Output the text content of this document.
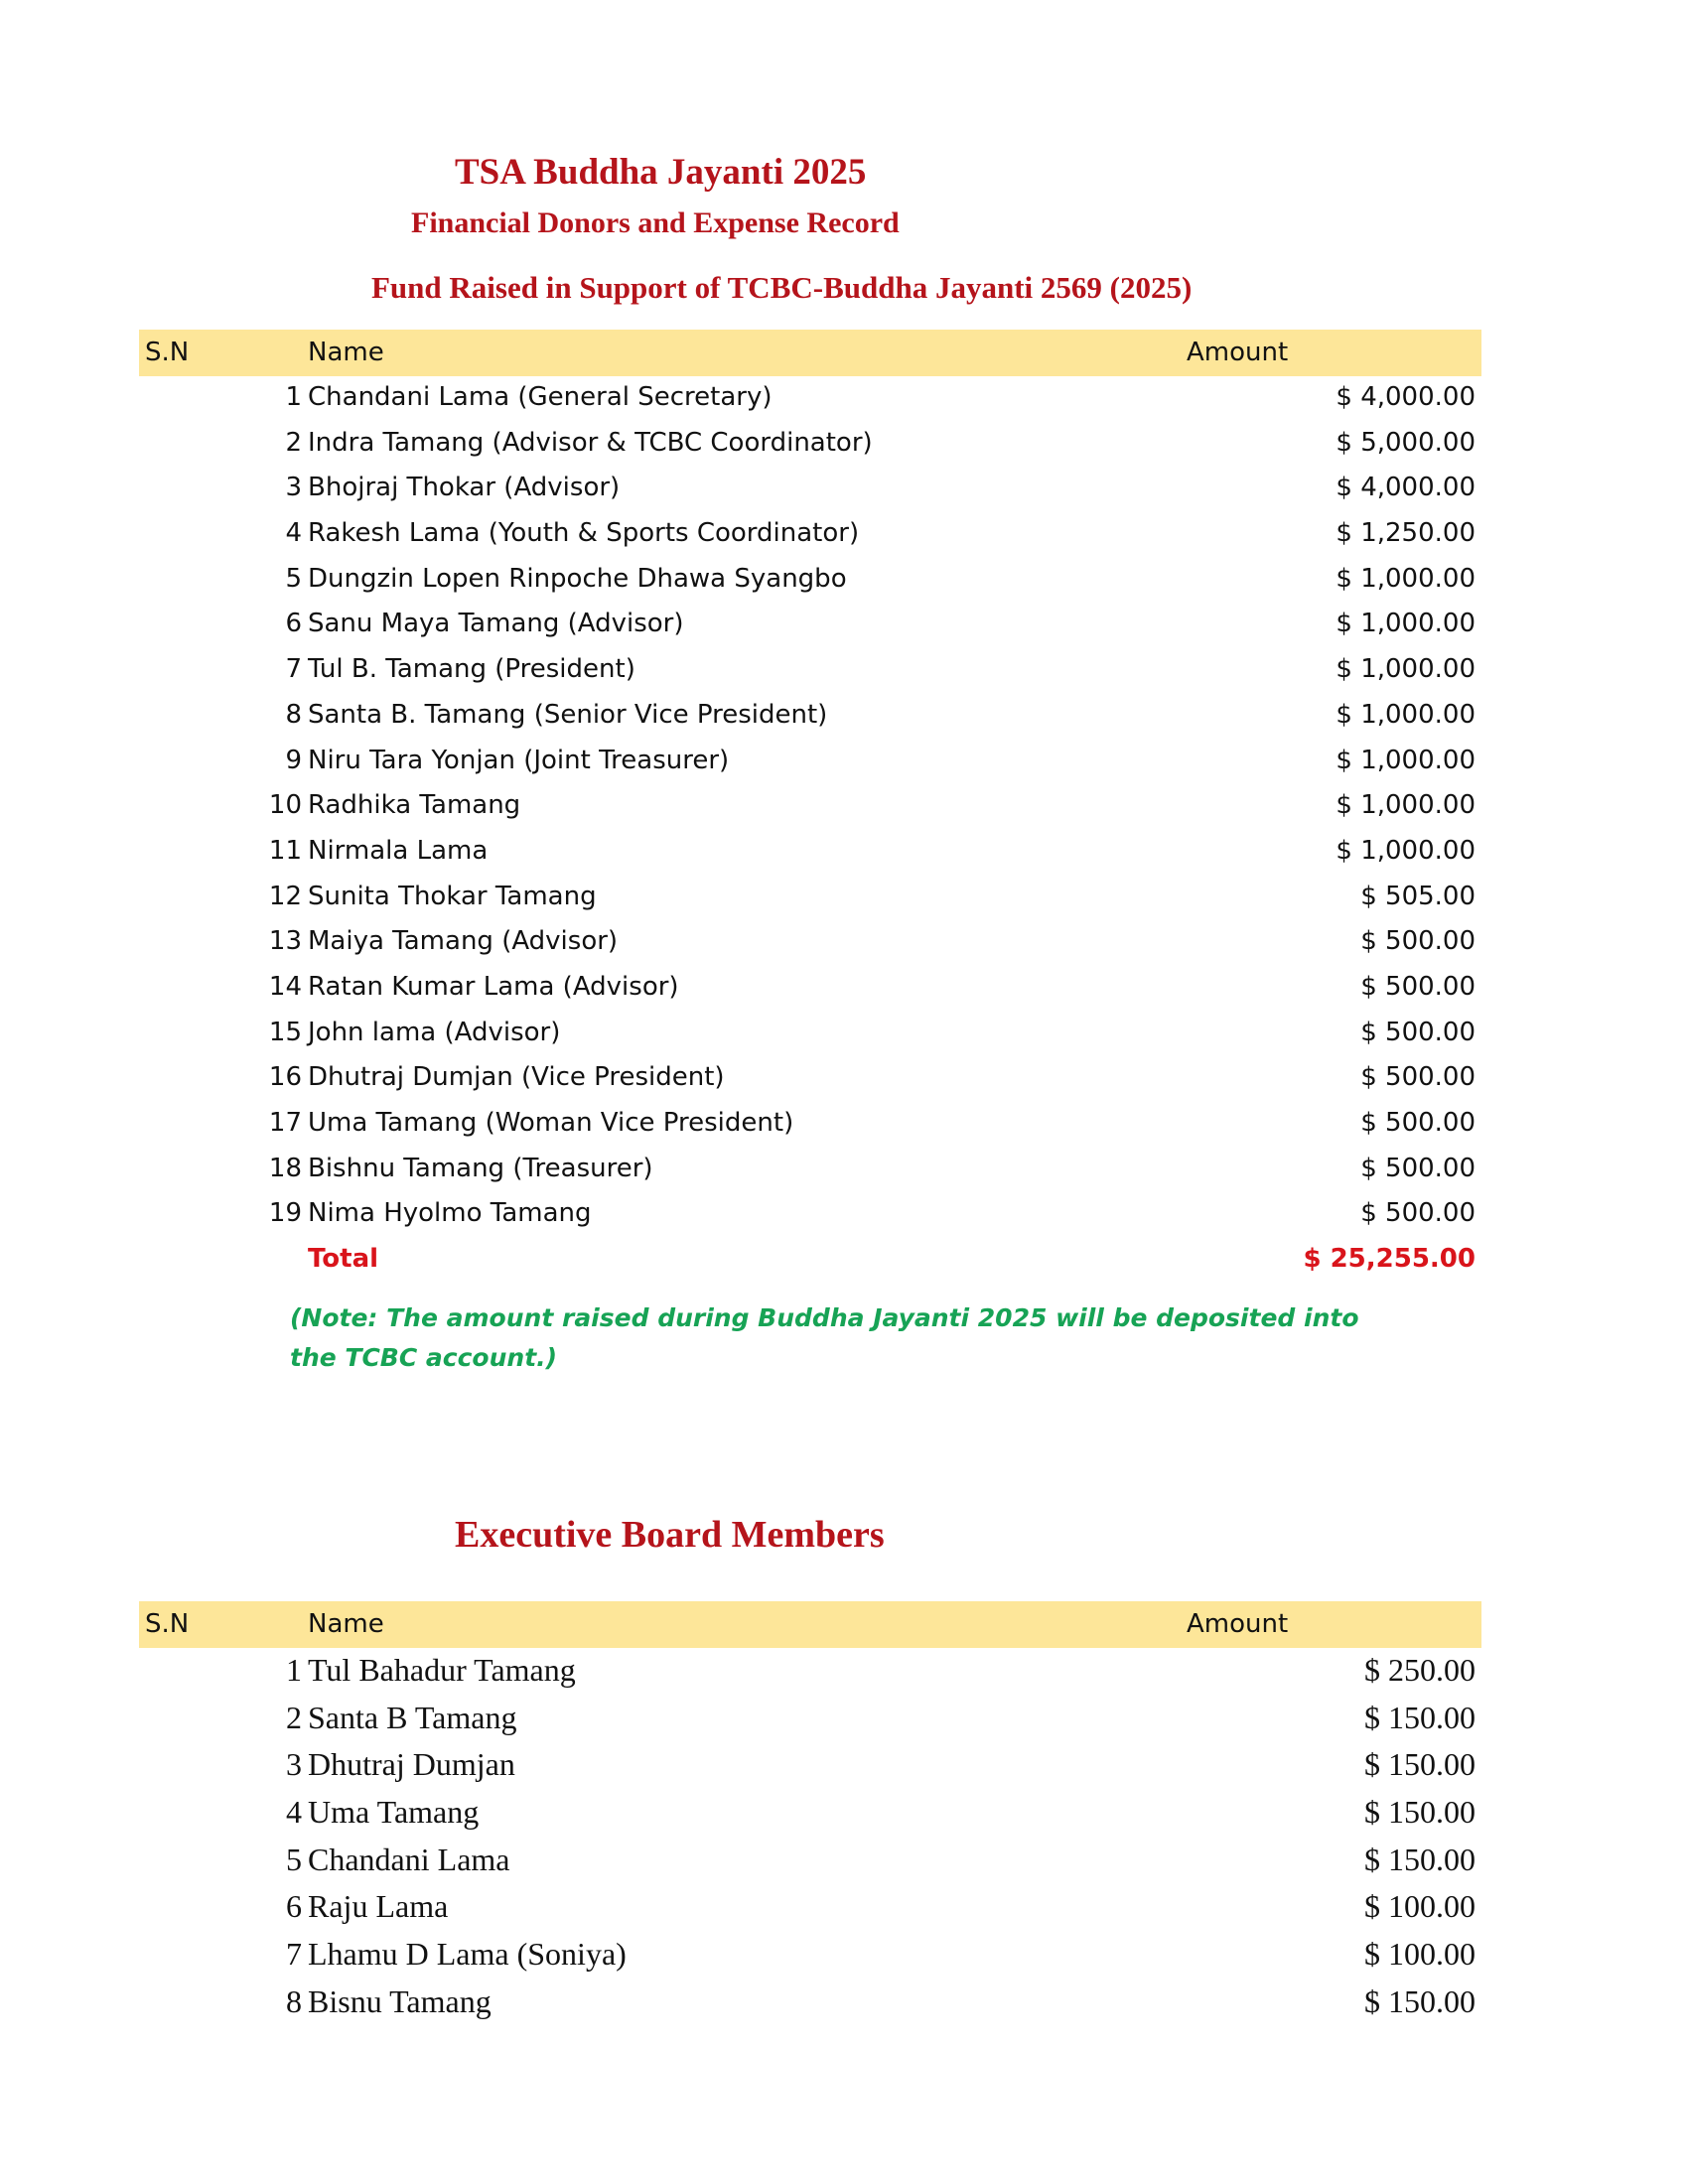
TSA Buddha Jayanti 2025
Financial Donors and Expense Record
Fund Raised in Support of TCBC-Buddha Jayanti 2569 (2025)
S.N	Name	Amount
1 Chandani Lama (General Secretary)	$ 4,000.00
2 Indra Tamang (Advisor & TCBC Coordinator)	$ 5,000.00
3 Bhojraj Thokar (Advisor)	$ 4,000.00
4 Rakesh Lama (Youth & Sports Coordinator)	$ 1,250.00
5 Dungzin Lopen Rinpoche Dhawa Syangbo	$ 1,000.00
6 Sanu Maya Tamang (Advisor)	$ 1,000.00
7 Tul B. Tamang (President)	$ 1,000.00
8 Santa B. Tamang (Senior Vice President)	$ 1,000.00
9 Niru Tara Yonjan (Joint Treasurer)	$ 1,000.00
10 Radhika Tamang	$ 1,000.00
11 Nirmala Lama	$ 1,000.00
12 Sunita Thokar Tamang	$ 505.00
13 Maiya Tamang (Advisor)	$ 500.00
14 Ratan Kumar Lama (Advisor)	$ 500.00
15 John lama (Advisor)	$ 500.00
16 Dhutraj Dumjan (Vice President)	$ 500.00
17 Uma Tamang (Woman Vice President)	$ 500.00
18 Bishnu Tamang (Treasurer)	$ 500.00
19 Nima Hyolmo Tamang	$ 500.00
Total	$ 25,255.00
(Note: The amount raised during Buddha Jayanti 2025 will be deposited into the TCBC account.)
Executive Board Members
S.N	Name	Amount
1 Tul Bahadur Tamang	$ 250.00
2 Santa B Tamang	$ 150.00
3 Dhutraj Dumjan	$ 150.00
4 Uma Tamang	$ 150.00
5 Chandani Lama	$ 150.00
6 Raju Lama	$ 100.00
7 Lhamu D Lama (Soniya)	$ 100.00
8 Bisnu Tamang	$ 150.00
